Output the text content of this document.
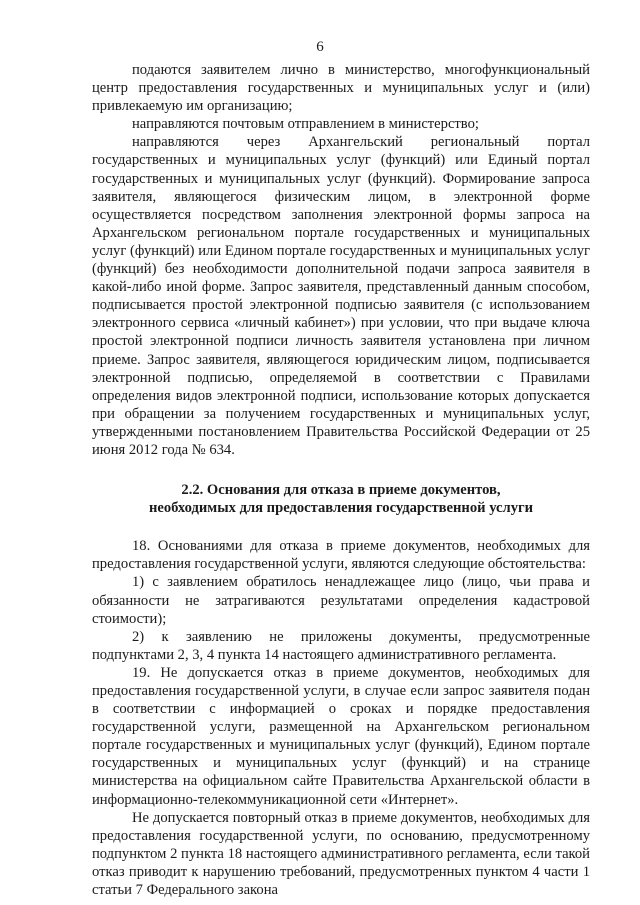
6

подаются заявителем лично в министерство, многофункциональный центр предоставления государственных и муниципальных услуг и (или) привлекаемую им организацию;

направляются почтовым отправлением в министерство;

направляются через Архангельский региональный портал государственных и муниципальных услуг (функций) или Единый портал государственных и муниципальных услуг (функций). Формирование запроса заявителя, являющегося физическим лицом, в электронной форме осуществляется посредством заполнения электронной формы запроса на Архангельском региональном портале государственных и муниципальных услуг (функций) или Едином портале государственных и муниципальных услуг (функций) без необходимости дополнительной подачи запроса заявителя в какой-либо иной форме. Запрос заявителя, представленный данным способом, подписывается простой электронной подписью заявителя (с использованием электронного сервиса «личный кабинет») при условии, что при выдаче ключа простой электронной подписи личность заявителя установлена при личном приеме. Запрос заявителя, являющегося юридическим лицом, подписывается электронной подписью, определяемой в соответствии с Правилами определения видов электронной подписи, использование которых допускается при обращении за получением государственных и муниципальных услуг, утвержденными постановлением Правительства Российской Федерации от 25 июня 2012 года № 634.

2.2. Основания для отказа в приеме документов,
необходимых для предоставления государственной услуги

18. Основаниями для отказа в приеме документов, необходимых для предоставления государственной услуги, являются следующие обстоятельства:

1) с заявлением обратилось ненадлежащее лицо (лицо, чьи права и обязанности не затрагиваются результатами определения кадастровой стоимости);

2) к заявлению не приложены документы, предусмотренные подпунктами 2, 3, 4 пункта 14 настоящего административного регламента.

19. Не допускается отказ в приеме документов, необходимых для предоставления государственной услуги, в случае если запрос заявителя подан в соответствии с информацией о сроках и порядке предоставления государственной услуги, размещенной на Архангельском региональном портале государственных и муниципальных услуг (функций), Едином портале государственных и муниципальных услуг (функций) и на странице министерства на официальном сайте Правительства Архангельской области в информационно-телекоммуникационной сети «Интернет».

Не допускается повторный отказ в приеме документов, необходимых для предоставления государственной услуги, по основанию, предусмотренному подпунктом 2 пункта 18 настоящего административного регламента, если такой отказ приводит к нарушению требований, предусмотренных пунктом 4 части 1 статьи 7 Федерального закона
